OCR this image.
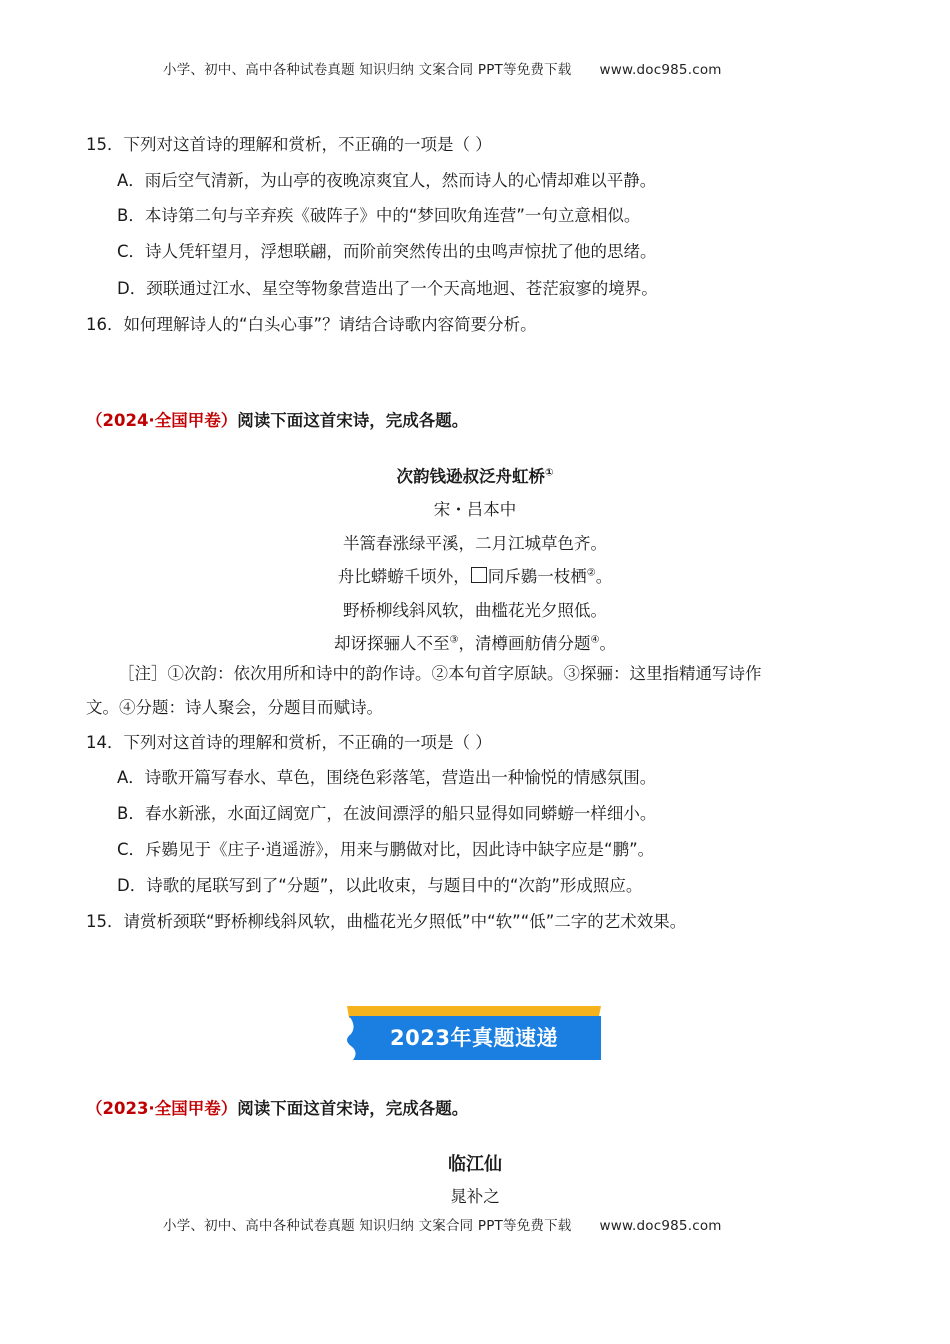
小学、初中、高中各种试卷真题 知识归纳 文案合同 PPT等免费下载 www.doc985.com
15．下列对这首诗的理解和赏析，不正确的一项是（ ）
A．雨后空气清新，为山亭的夜晚凉爽宜人，然而诗人的心情却难以平静。
B．本诗第二句与辛弃疾《破阵子》中的“梦回吹角连营”一句立意相似。
C．诗人凭轩望月，浮想联翩，而阶前突然传出的虫鸣声惊扰了他的思绪。
D．颈联通过江水、星空等物象营造出了一个天高地迥、苍茫寂寥的境界。
16．如何理解诗人的“白头心事”？请结合诗歌内容简要分析。
（2024·全国甲卷）阅读下面这首宋诗，完成各题。
次韵钱逊叔泛舟虹桥①
宋・吕本中
半篙春涨绿平溪，二月江城草色齐。
舟比蟒蝣千顷外， 同斥鷃一枝栖②。
野桥柳线斜风软，曲槛花光夕照低。
却讶探骊人不至③，清樽画舫倩分题④。
［注］①次韵：依次用所和诗中的韵作诗。②本句首字原缺。③探骊：这里指精通写诗作
文。④分题：诗人聚会，分题目而赋诗。
14．下列对这首诗的理解和赏析，不正确的一项是（ ）
A．诗歌开篇写春水、草色，围绕色彩落笔，营造出一种愉悦的情感氛围。
B．春水新涨，水面辽阔宽广，在波间漂浮的船只显得如同蟒蝣一样细小。
C．斥鷃见于《庄子·逍遥游》，用来与鹏做对比，因此诗中缺字应是“鹏”。
D．诗歌的尾联写到了“分题”，以此收束，与题目中的“次韵”形成照应。
15．请赏析颈联“野桥柳线斜风软，曲槛花光夕照低”中“软”“低”二字的艺术效果。
2023年真题速递
（2023·全国甲卷）阅读下面这首宋诗，完成各题。
临江仙
晁补之
小学、初中、高中各种试卷真题 知识归纳 文案合同 PPT等免费下载 www.doc985.com
